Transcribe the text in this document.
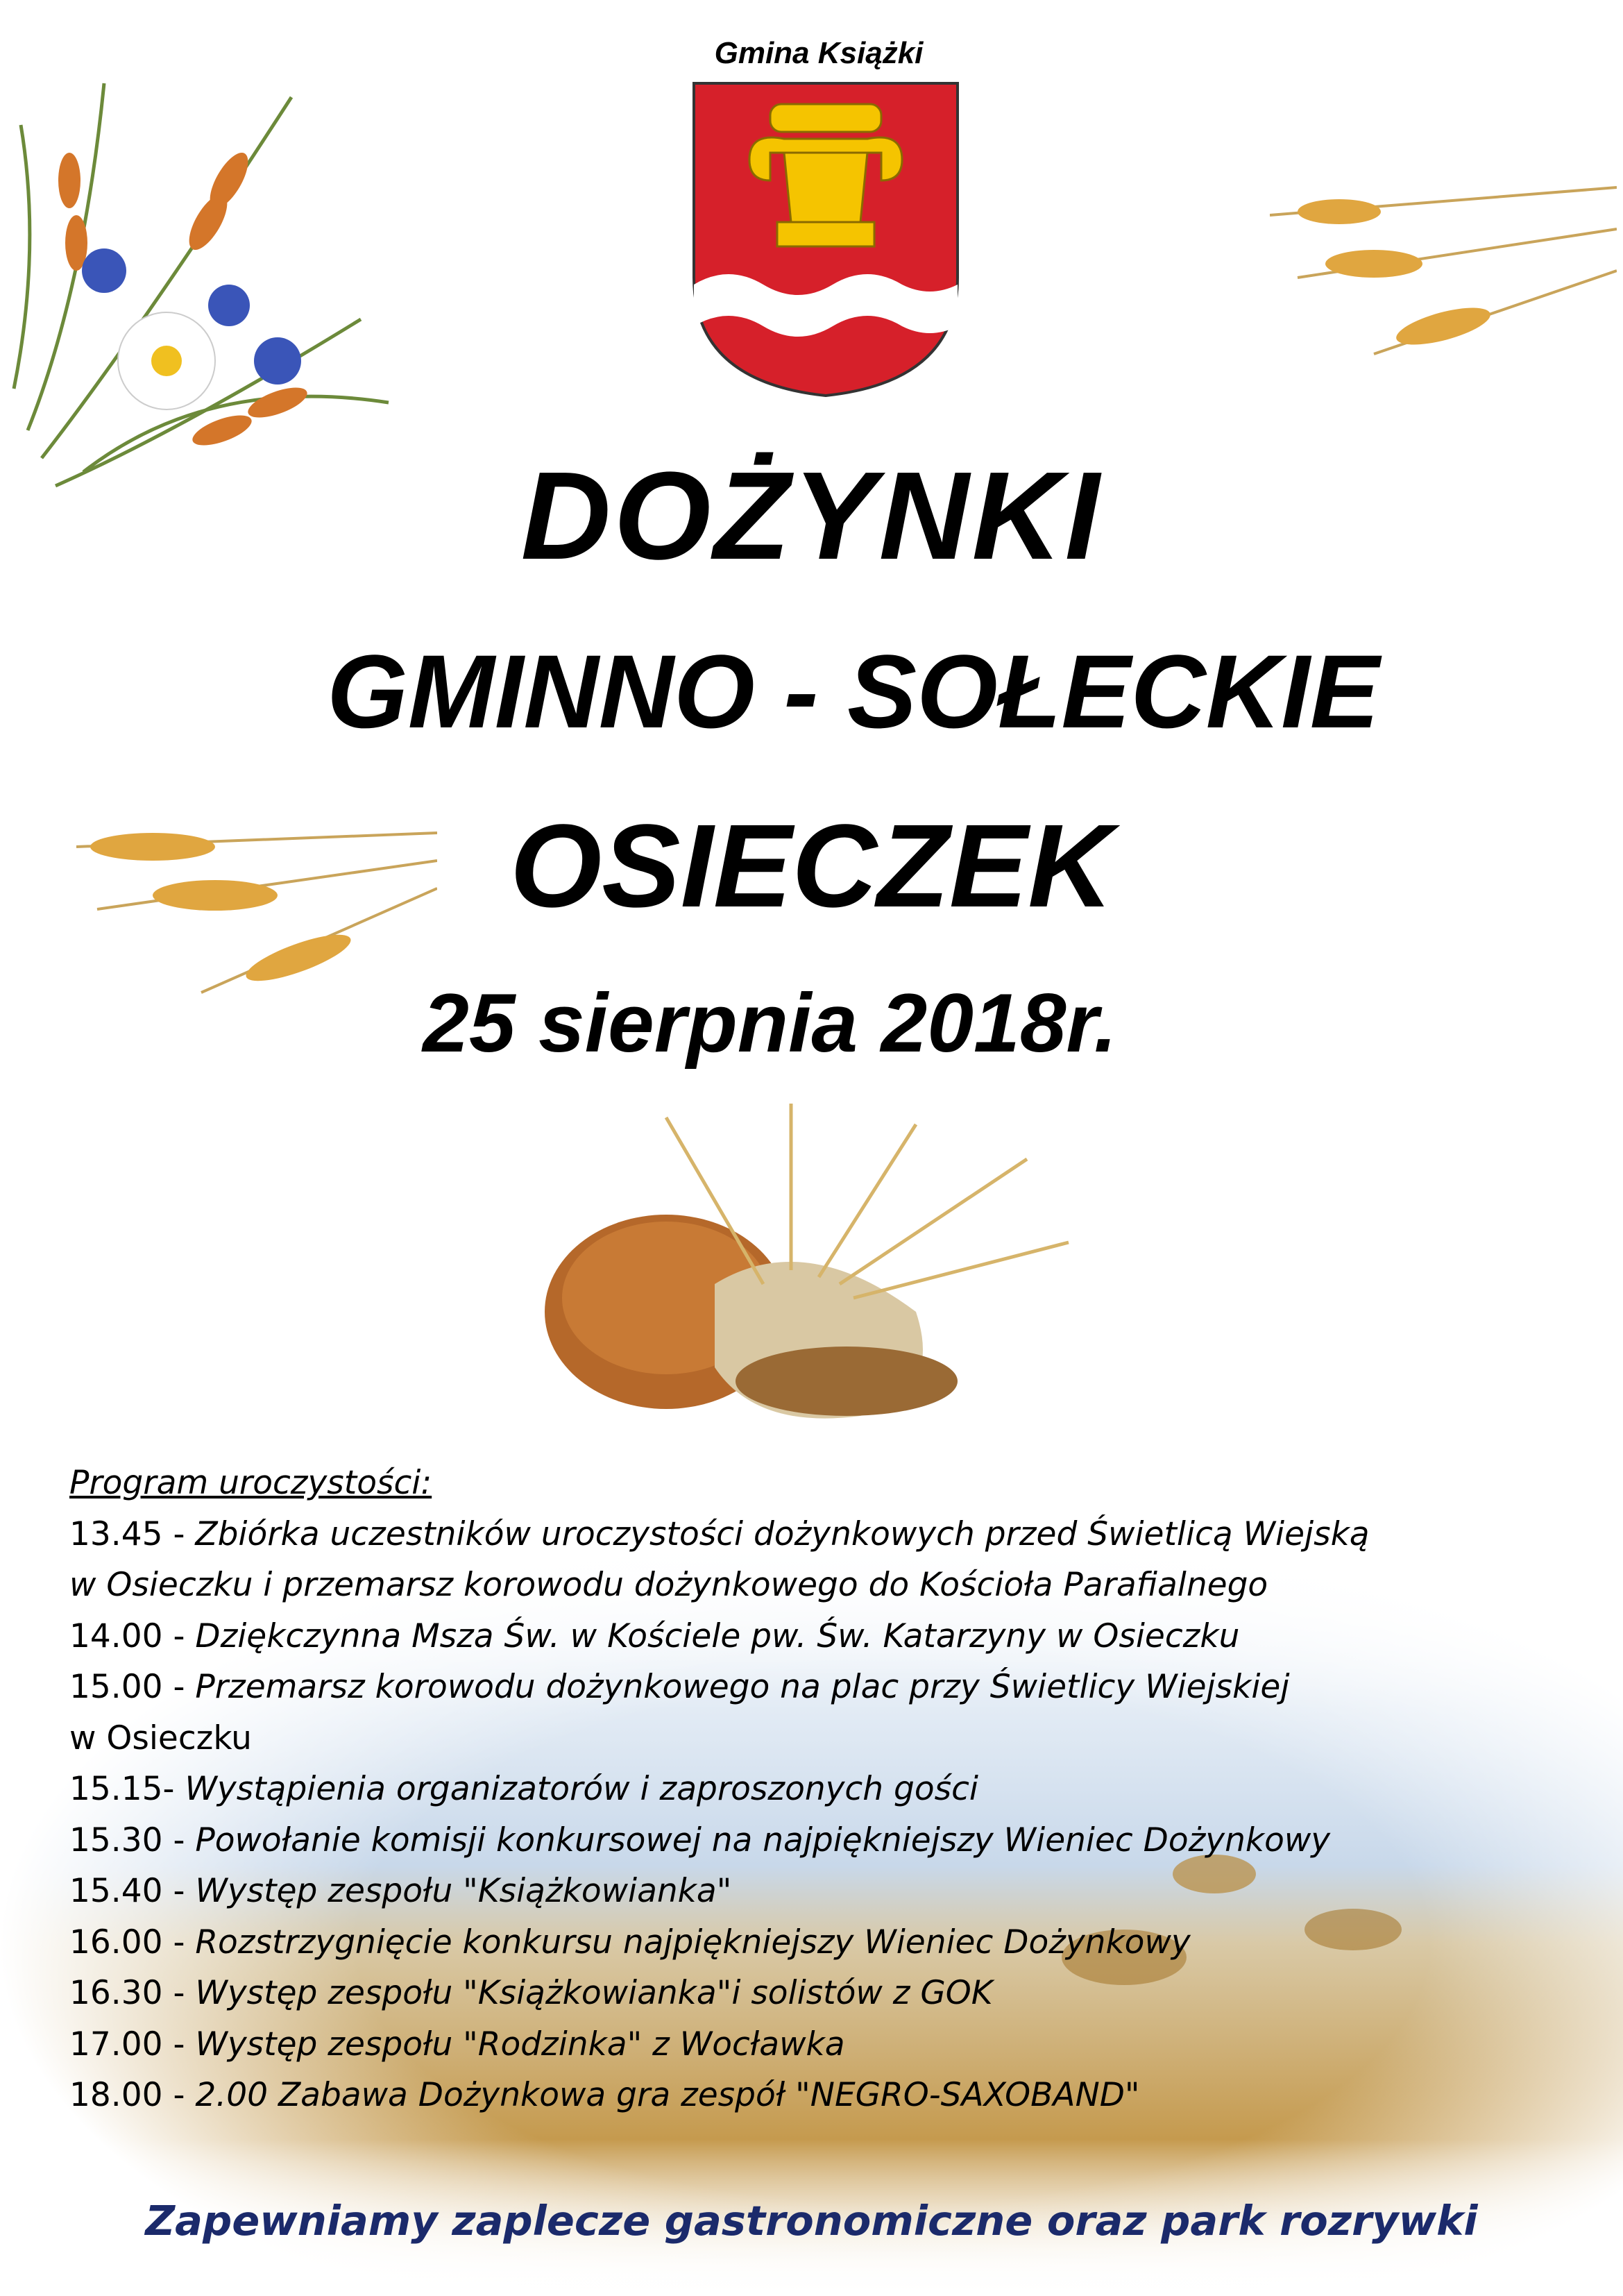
Gmina Książki
DOŻYNKI
GMINNO - SOŁECKIE
OSIECZEK
25 sierpnia 2018r.
Program uroczystości:
13.45 - Zbiórka uczestników uroczystości dożynkowych przed Świetlicą Wiejską
w Osieczku i przemarsz korowodu dożynkowego do Kościoła Parafialnego
14.00 - Dziękczynna Msza Św. w Kościele pw. Św. Katarzyny w Osieczku
15.00 - Przemarsz korowodu dożynkowego na plac przy Świetlicy Wiejskiej
w Osieczku
15.15- Wystąpienia organizatorów i zaproszonych gości
15.30 - Powołanie komisji konkursowej na najpiękniejszy Wieniec Dożynkowy
15.40 - Występ zespołu "Książkowianka"
16.00 - Rozstrzygnięcie konkursu najpiękniejszy Wieniec Dożynkowy
16.30 - Występ zespołu "Książkowianka"i solistów z GOK
17.00 - Występ zespołu "Rodzinka" z Wocławka
18.00 - 2.00 Zabawa Dożynkowa gra zespół "NEGRO-SAXOBAND"
Zapewniamy zaplecze gastronomiczne oraz park rozrywki
